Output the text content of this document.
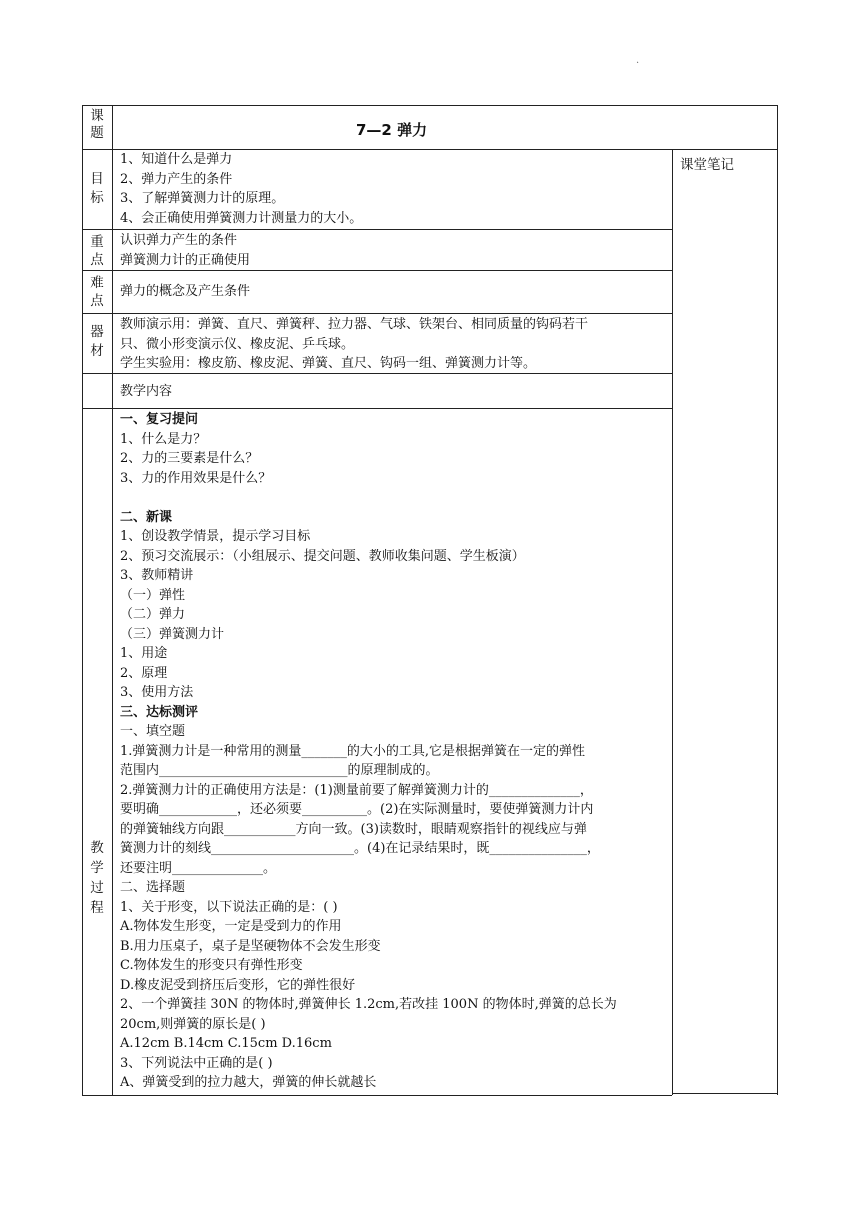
·
课
题	7—2 弹力
课堂笔记
目
标
1、知道什么是弹力
2、弹力产生的条件
3、了解弹簧测力计的原理。
4、会正确使用弹簧测力计测量力的大小。
重
点
认识弹力产生的条件
弹簧测力计的正确使用
难
点
弹力的概念及产生条件
器
材
教师演示用：弹簧、直尺、弹簧秤、拉力器、气球、铁架台、相同质量的钩码若干
只、微小形变演示仪、橡皮泥、乒乓球。
学生实验用：橡皮筋、橡皮泥、弹簧、直尺、钩码一组、弹簧测力计等。
教学内容
教
学
过
程
一、复习提问
1、什么是力？
2、力的三要素是什么？
3、力的作用效果是什么？
二、新课
1、创设教学情景，提示学习目标
2、预习交流展示：（小组展示、提交问题、教师收集问题、学生板演）
3、教师精讲
（一）弹性
（二）弹力
（三）弹簧测力计
1、用途
2、原理
3、使用方法
三、达标测评
一、填空题
1.弹簧测力计是一种常用的测量_______的大小的工具,它是根据弹簧在一定的弹性
范围内_____________________________的原理制成的。
2.弹簧测力计的正确使用方法是：(1)测量前要了解弹簧测力计的______________，
要明确____________，还必须要__________。(2)在实际测量时，要使弹簧测力计内
的弹簧轴线方向跟___________方向一致。(3)读数时，眼睛观察指针的视线应与弹
簧测力计的刻线______________________。(4)在记录结果时，既_______________，
还要注明______________。
二、选择题
1、关于形变，以下说法正确的是：( )
A.物体发生形变，一定是受到力的作用
B.用力压桌子，桌子是坚硬物体不会发生形变
C.物体发生的形变只有弹性形变
D.橡皮泥受到挤压后变形，它的弹性很好
2、一个弹簧挂 30N 的物体时,弹簧伸长 1.2cm,若改挂 100N 的物体时,弹簧的总长为
20cm,则弹簧的原长是( )
A.12cm B.14cm C.15cm D.16cm
3、下列说法中正确的是( )
A、弹簧受到的拉力越大，弹簧的伸长就越长
